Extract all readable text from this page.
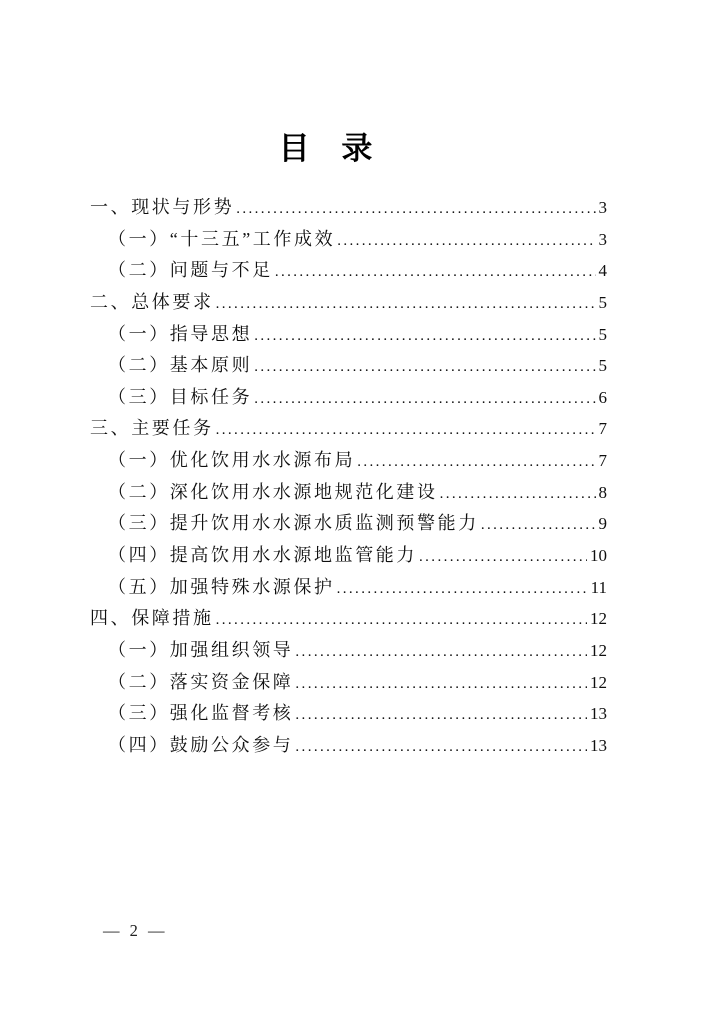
目 录
一、现状与形势 .....	3
（一）“十三五”工作成效 .....	3
（二）问题与不足 .....	4
二、总体要求 .....	5
（一）指导思想 .....	5
（二）基本原则 .....	5
（三）目标任务 .....	6
三、主要任务 .....	7
（一）优化饮用水水源布局 .....	7
（二）深化饮用水水源地规范化建设 .....	8
（三）提升饮用水水源水质监测预警能力 .....	9
（四）提高饮用水水源地监管能力 .....	10
（五）加强特殊水源保护 .....	11
四、保障措施 .....	12
（一）加强组织领导 .....	12
（二）落实资金保障 .....	12
（三）强化监督考核 .....	13
（四）鼓励公众参与 .....	13
— 2 —
